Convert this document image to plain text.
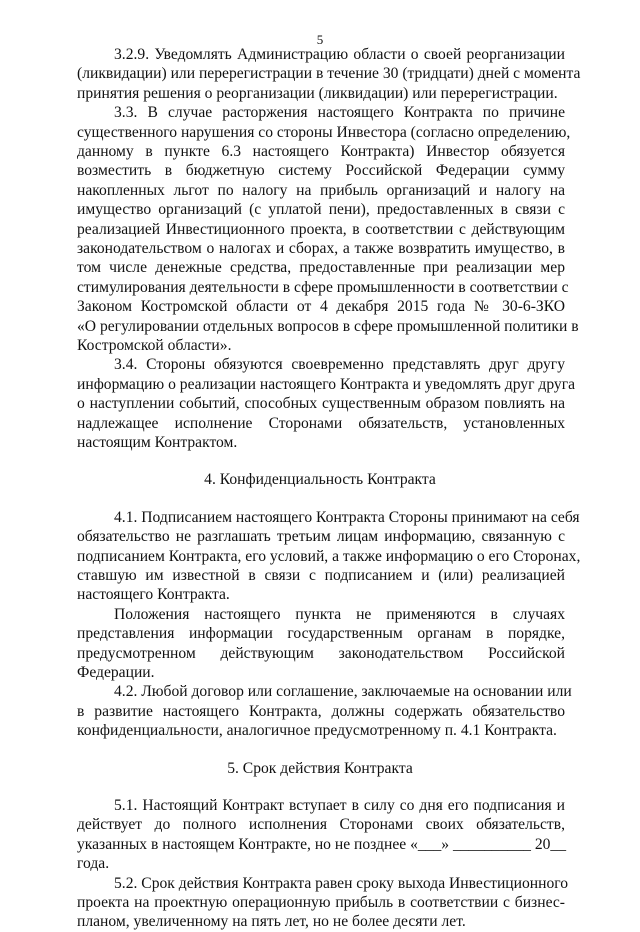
5
3.2.9. Уведомлять Администрацию области о своей реорганизации
(ликвидации) или перерегистрации в течение 30 (тридцати) дней с момента
принятия решения о реорганизации (ликвидации) или перерегистрации.
3.3. В случае расторжения настоящего Контракта по причине
существенного нарушения со стороны Инвестора (согласно определению,
данному в пункте 6.3 настоящего Контракта) Инвестор обязуется
возместить в бюджетную систему Российской Федерации сумму
накопленных льгот по налогу на прибыль организаций и налогу на
имущество организаций (с уплатой пени), предоставленных в связи с
реализацией Инвестиционного проекта, в соответствии с действующим
законодательством о налогах и сборах, а также возвратить имущество, в
том числе денежные средства, предоставленные при реализации мер
стимулирования деятельности в сфере промышленности в соответствии с
Законом Костромской области от 4 декабря 2015 года № 30-6-ЗКО
«О регулировании отдельных вопросов в сфере промышленной политики в
Костромской области».
3.4. Стороны обязуются своевременно представлять друг другу
информацию о реализации настоящего Контракта и уведомлять друг друга
о наступлении событий, способных существенным образом повлиять на
надлежащее исполнение Сторонами обязательств, установленных
настоящим Контрактом.
4. Конфиденциальность Контракта
4.1. Подписанием настоящего Контракта Стороны принимают на себя
обязательство не разглашать третьим лицам информацию, связанную с
подписанием Контракта, его условий, а также информацию о его Сторонах,
ставшую им известной в связи с подписанием и (или) реализацией
настоящего Контракта.
Положения настоящего пункта не применяются в случаях
представления информации государственным органам в порядке,
предусмотренном действующим законодательством Российской
Федерации.
4.2. Любой договор или соглашение, заключаемые на основании или
в развитие настоящего Контракта, должны содержать обязательство
конфиденциальности, аналогичное предусмотренному п. 4.1 Контракта.
5. Срок действия Контракта
5.1. Настоящий Контракт вступает в силу со дня его подписания и
действует до полного исполнения Сторонами своих обязательств,
указанных в настоящем Контракте, но не позднее «___» __________ 20__
года.
5.2. Срок действия Контракта равен сроку выхода Инвестиционного
проекта на проектную операционную прибыль в соответствии с бизнес-
планом, увеличенному на пять лет, но не более десяти лет.
